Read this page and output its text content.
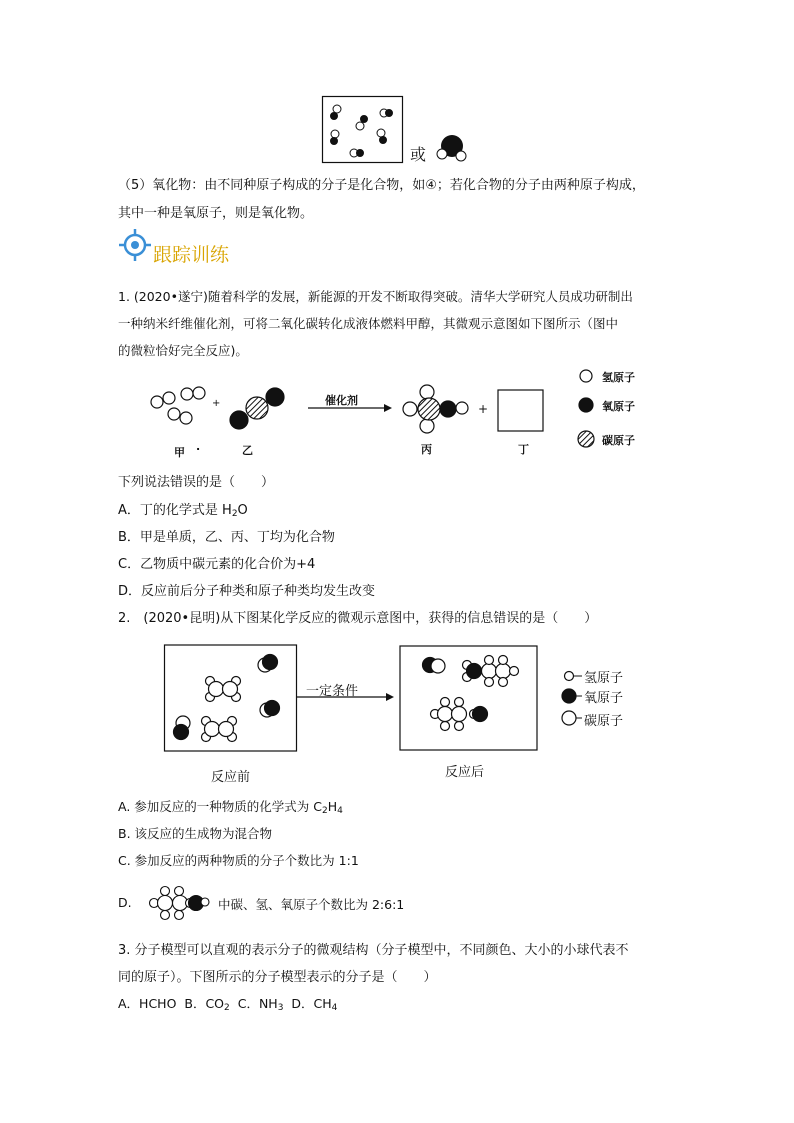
或
（5）氧化物：由不同种原子构成的分子是化合物，如④；若化合物的分子由两种原子构成，
其中一种是氧原子，则是氧化物。
跟踪训练
1. (2020•遂宁)随着科学的发展，新能源的开发不断取得突破。清华大学研究人员成功研制出
一种纳米纤维催化剂，可将二氧化碳转化成液体燃料甲醇，其微观示意图如下图所示（图中
的微粒恰好完全反应)。
+	催化剂
+
甲 .	乙	丙	丁
氢原子
氧原子
碳原子
下列说法错误的是（　　）
A．丁的化学式是 $H_2O$
B．甲是单质，乙、丙、丁均为化合物
C．乙物质中碳元素的化合价为+4
D．反应前后分子种类和原子种类均发生改变
2.　(2020•昆明)从下图某化学反应的微观示意图中，获得的信息错误的是（　　）
一定条件
反应前	反应后
氢原子
氧原子
碳原子
A. 参加反应的一种物质的化学式为 $C_2H_4$
B. 该反应的生成物为混合物
C. 参加反应的两种物质的分子个数比为 1:1
D.	中碳、氢、氧原子个数比为 2:6:1
3. 分子模型可以直观的表示分子的微观结构（分子模型中，不同颜色、大小的小球代表不
同的原子）。下图所示的分子模型表示的分子是（　　）
A．HCHO B．$CO_2$ C．$NH_3$ D．$CH_4$
